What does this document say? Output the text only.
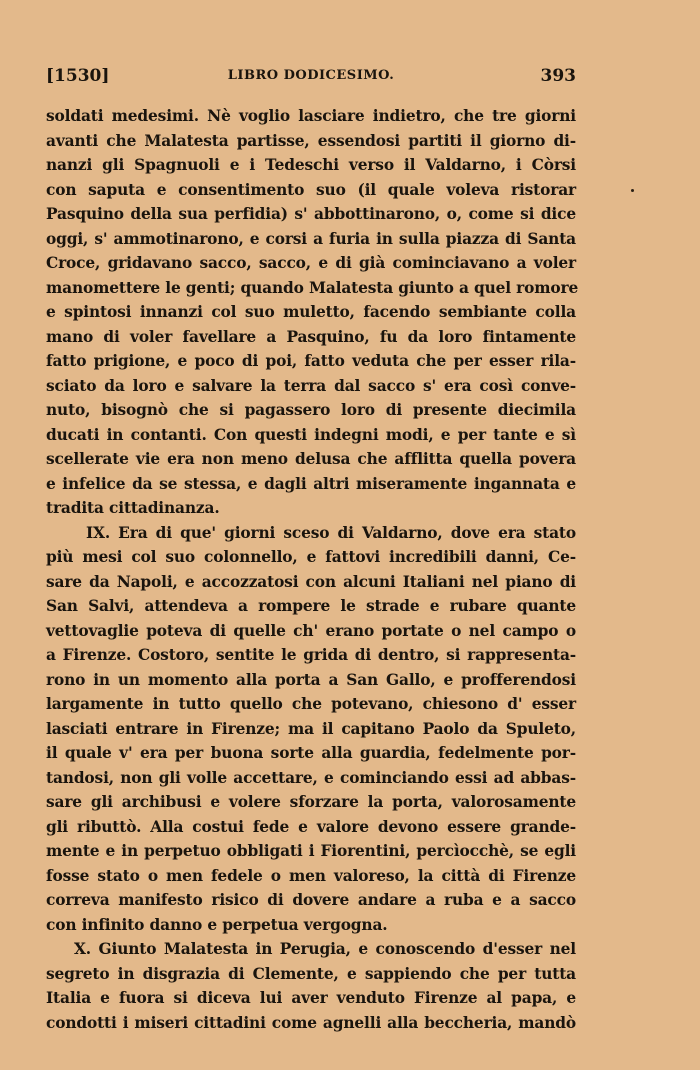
[1530]	LIBRO DODICESIMO.	393
soldati medesimi. Nè voglio lasciare indietro, che tre giorni
avanti che Malatesta partisse, essendosi partiti il giorno di-
nanzi gli Spagnuoli e i Tedeschi verso il Valdarno, i Còrsi
con saputa e consentimento suo (il quale voleva ristorar
Pasquino della sua perfidia) s' abbottinarono, o, come si dice
oggi, s' ammotinarono, e corsi a furia in sulla piazza di Santa
Croce, gridavano sacco, sacco, e di già cominciavano a voler
manomettere le genti; quando Malatesta giunto a quel romore
e spintosi innanzi col suo muletto, facendo sembiante colla
mano di voler favellare a Pasquino, fu da loro fintamente
fatto prigione, e poco di poi, fatto veduta che per esser rila-
sciato da loro e salvare la terra dal sacco s' era così conve-
nuto, bisognò che si pagassero loro di presente diecimila
ducati in contanti. Con questi indegni modi, e per tante e sì
scellerate vie era non meno delusa che afflitta quella povera
e infelice da se stessa, e dagli altri miseramente ingannata e
tradita cittadinanza.
IX. Era di que' giorni sceso di Valdarno, dove era stato
più mesi col suo colonnello, e fattovi incredibili danni, Ce-
sare da Napoli, e accozzatosi con alcuni Italiani nel piano di
San Salvi, attendeva a rompere le strade e rubare quante
vettovaglie poteva di quelle ch' erano portate o nel campo o
a Firenze. Costoro, sentite le grida di dentro, si rappresenta-
rono in un momento alla porta a San Gallo, e profferendosi
largamente in tutto quello che potevano, chiesono d' esser
lasciati entrare in Firenze; ma il capitano Paolo da Spuleto,
il quale v' era per buona sorte alla guardia, fedelmente por-
tandosi, non gli volle accettare, e cominciando essi ad abbas-
sare gli archibusi e volere sforzare la porta, valorosamente
gli ributtò. Alla costui fede e valore devono essere grande-
mente e in perpetuo obbligati i Fiorentini, percìocchè, se egli
fosse stato o men fedele o men valoreso, la città di Firenze
correva manifesto risico di dovere andare a ruba e a sacco
con infinito danno e perpetua vergogna.
X. Giunto Malatesta in Perugia, e conoscendo d'esser nel
segreto in disgrazia di Clemente, e sappiendo che per tutta
Italia e fuora si diceva lui aver venduto Firenze al papa, e
condotti i miseri cittadini come agnelli alla beccheria, mandò
